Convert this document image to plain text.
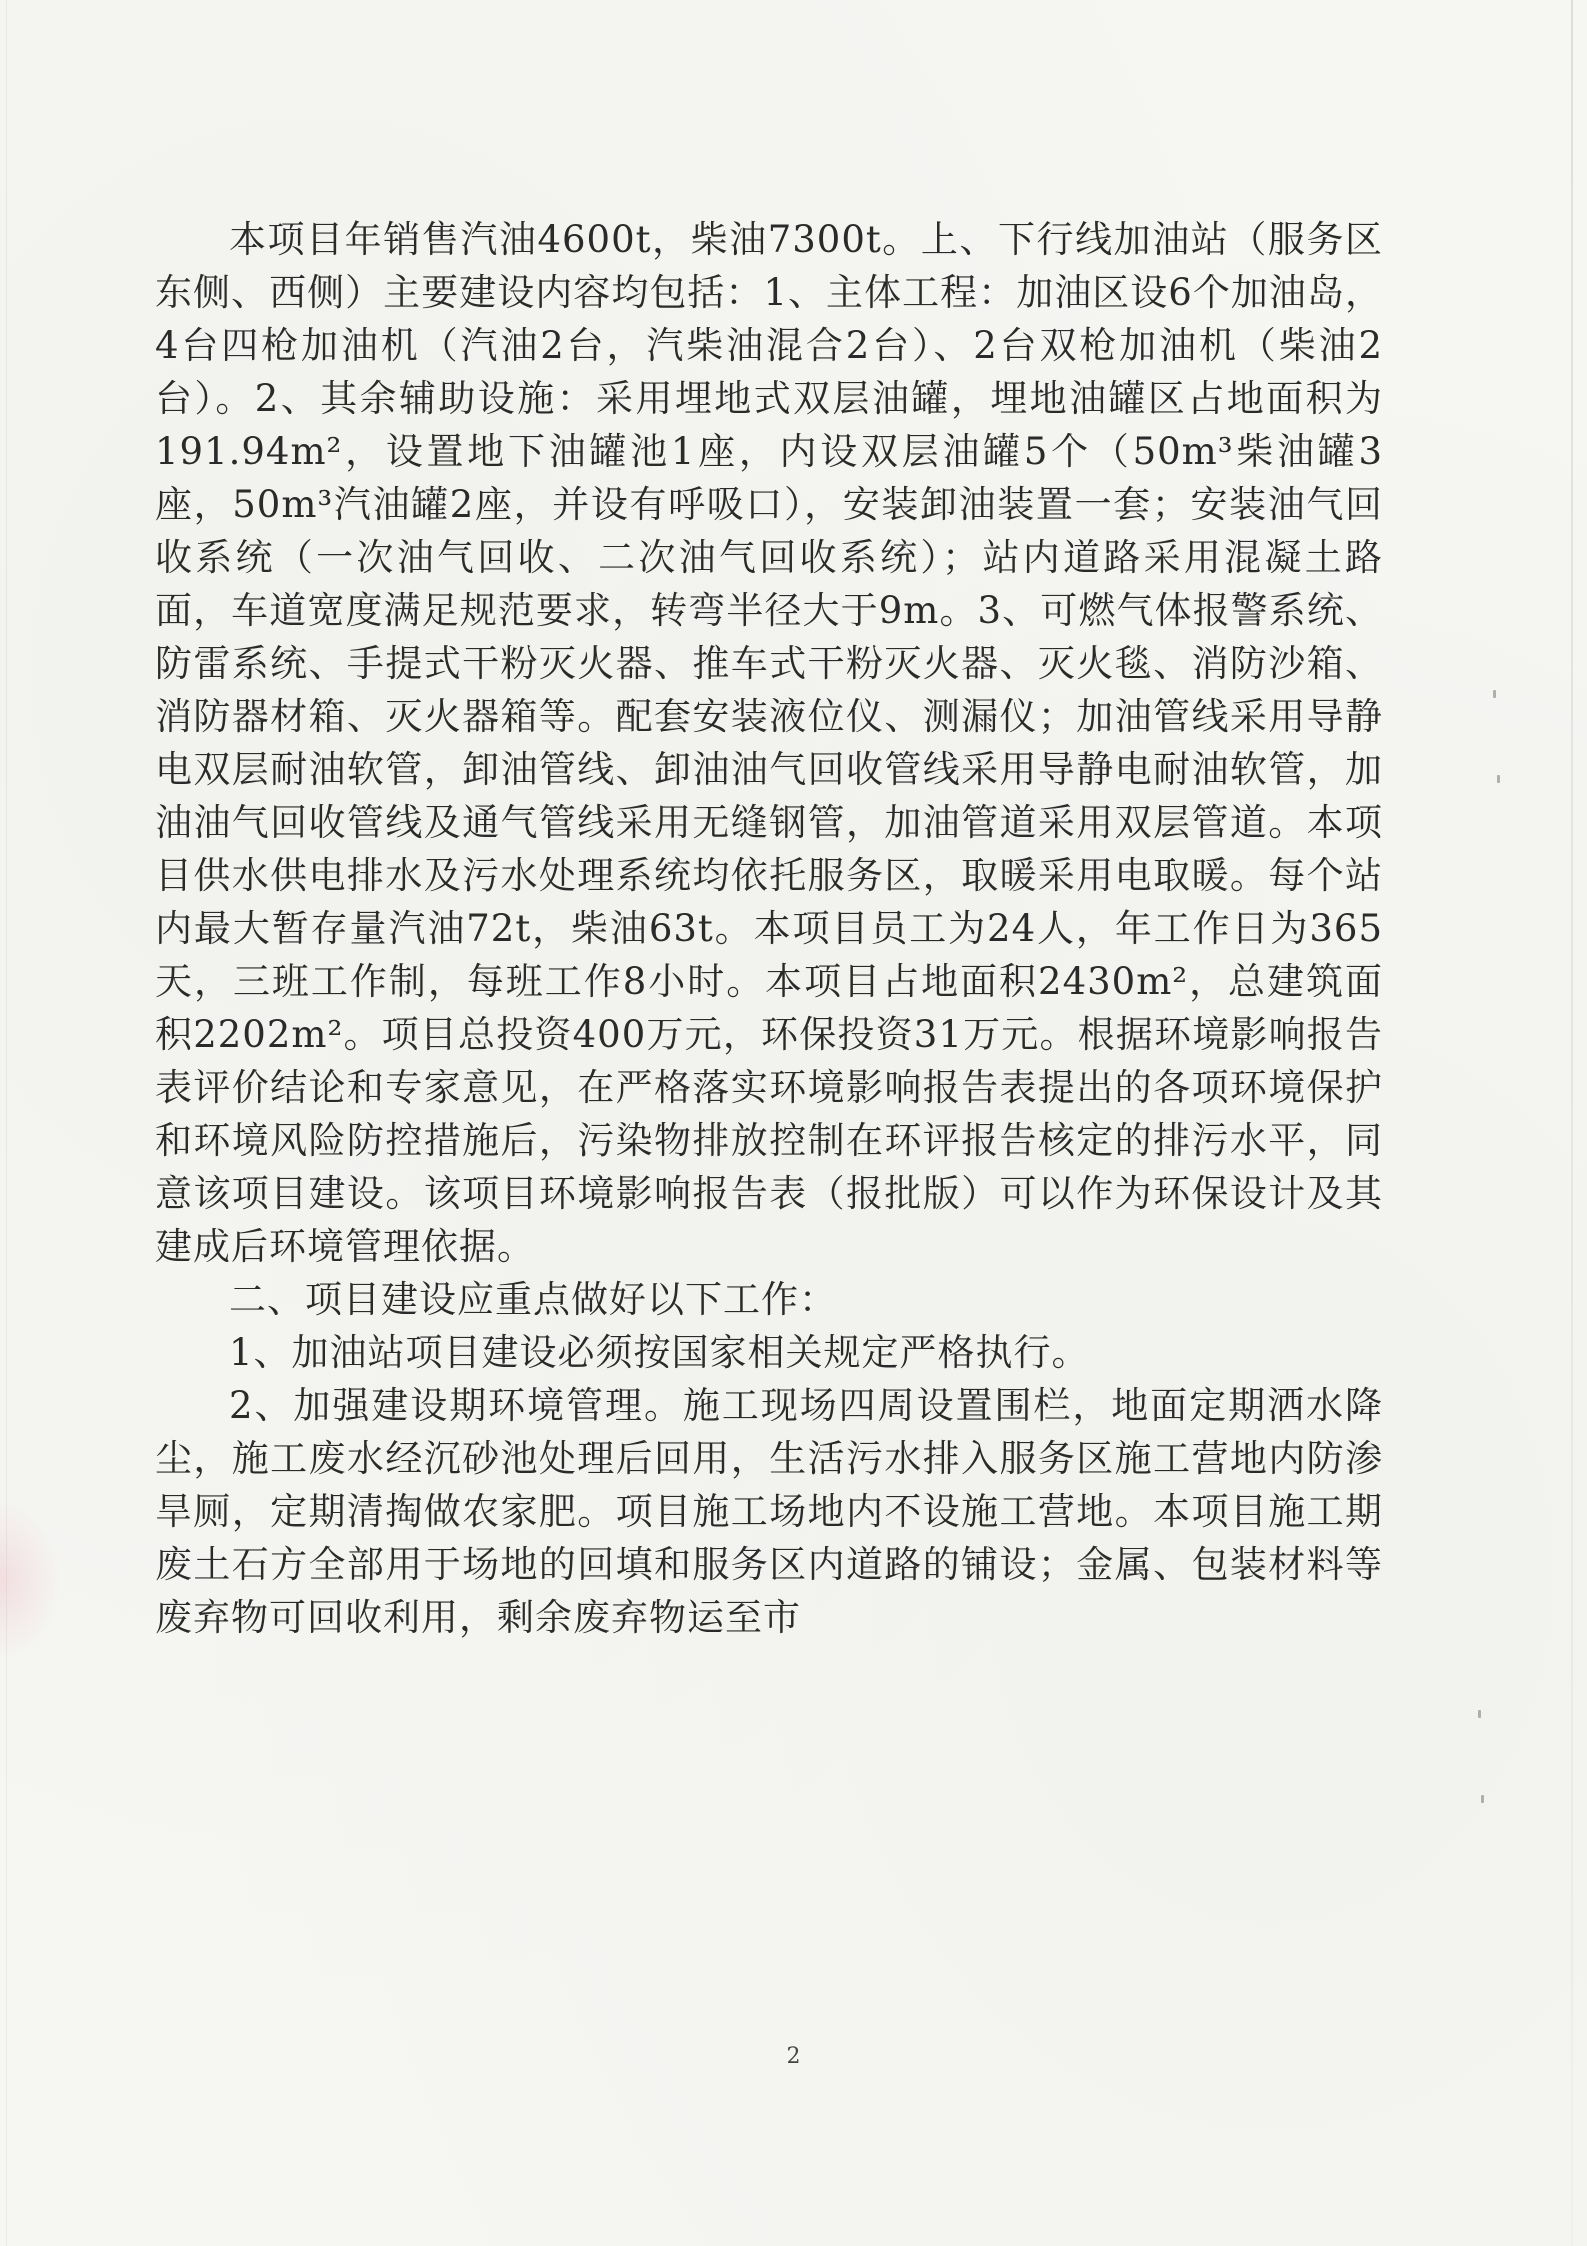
本项目年销售汽油4600t，柴油7300t。上、下行线加油站（服务区东侧、西侧）主要建设内容均包括：1、主体工程：加油区设6个加油岛，4台四枪加油机（汽油2台，汽柴油混合2台）、2台双枪加油机（柴油2台）。2、其余辅助设施：采用埋地式双层油罐，埋地油罐区占地面积为191.94m²，设置地下油罐池1座，内设双层油罐5个（50m³柴油罐3座，50m³汽油罐2座，并设有呼吸口），安装卸油装置一套；安装油气回收系统（一次油气回收、二次油气回收系统）；站内道路采用混凝土路面，车道宽度满足规范要求，转弯半径大于9m。3、可燃气体报警系统、防雷系统、手提式干粉灭火器、推车式干粉灭火器、灭火毯、消防沙箱、消防器材箱、灭火器箱等。配套安装液位仪、测漏仪；加油管线采用导静电双层耐油软管，卸油管线、卸油油气回收管线采用导静电耐油软管，加油油气回收管线及通气管线采用无缝钢管，加油管道采用双层管道。本项目供水供电排水及污水处理系统均依托服务区，取暖采用电取暖。每个站内最大暂存量汽油72t，柴油63t。本项目员工为24人，年工作日为365天，三班工作制，每班工作8小时。本项目占地面积2430m²，总建筑面积2202m²。项目总投资400万元，环保投资31万元。根据环境影响报告表评价结论和专家意见，在严格落实环境影响报告表提出的各项环境保护和环境风险防控措施后，污染物排放控制在环评报告核定的排污水平，同意该项目建设。该项目环境影响报告表（报批版）可以作为环保设计及其建成后环境管理依据。

二、项目建设应重点做好以下工作：

1、加油站项目建设必须按国家相关规定严格执行。

2、加强建设期环境管理。施工现场四周设置围栏，地面定期洒水降尘，施工废水经沉砂池处理后回用，生活污水排入服务区施工营地内防渗旱厕，定期清掏做农家肥。项目施工场地内不设施工营地。本项目施工期废土石方全部用于场地的回填和服务区内道路的铺设；金属、包装材料等废弃物可回收利用，剩余废弃物运至市

2
